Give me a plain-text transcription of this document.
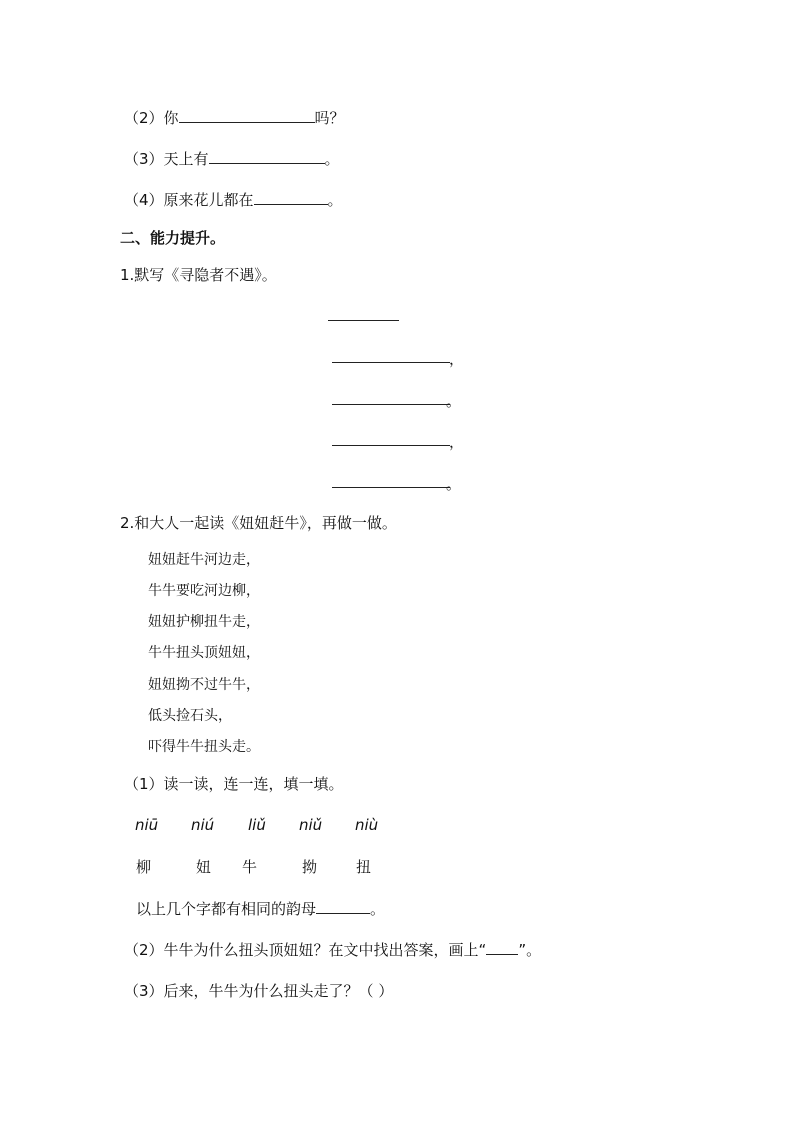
（2）你	吗？
（3）天上有	。
（4）原来花儿都在	。
二、能力提升。
1.默写《寻隐者不遇》。
，
。
，
。
2.和大人一起读《妞妞赶牛》，再做一做。
妞妞赶牛河边走，
牛牛要吃河边柳，
妞妞护柳扭牛走，
牛牛扭头顶妞妞，
妞妞拗不过牛牛，
低头捡石头，
吓得牛牛扭头走。
（1）读一读，连一连，填一填。
niū niú liǔ niǔ niù
柳	妞 牛	拗	扭
以上几个字都有相同的韵母	。
（2）牛牛为什么扭头顶妞妞？在文中找出答案，画上“ ”。
（3）后来，牛牛为什么扭头走了？（ ）
